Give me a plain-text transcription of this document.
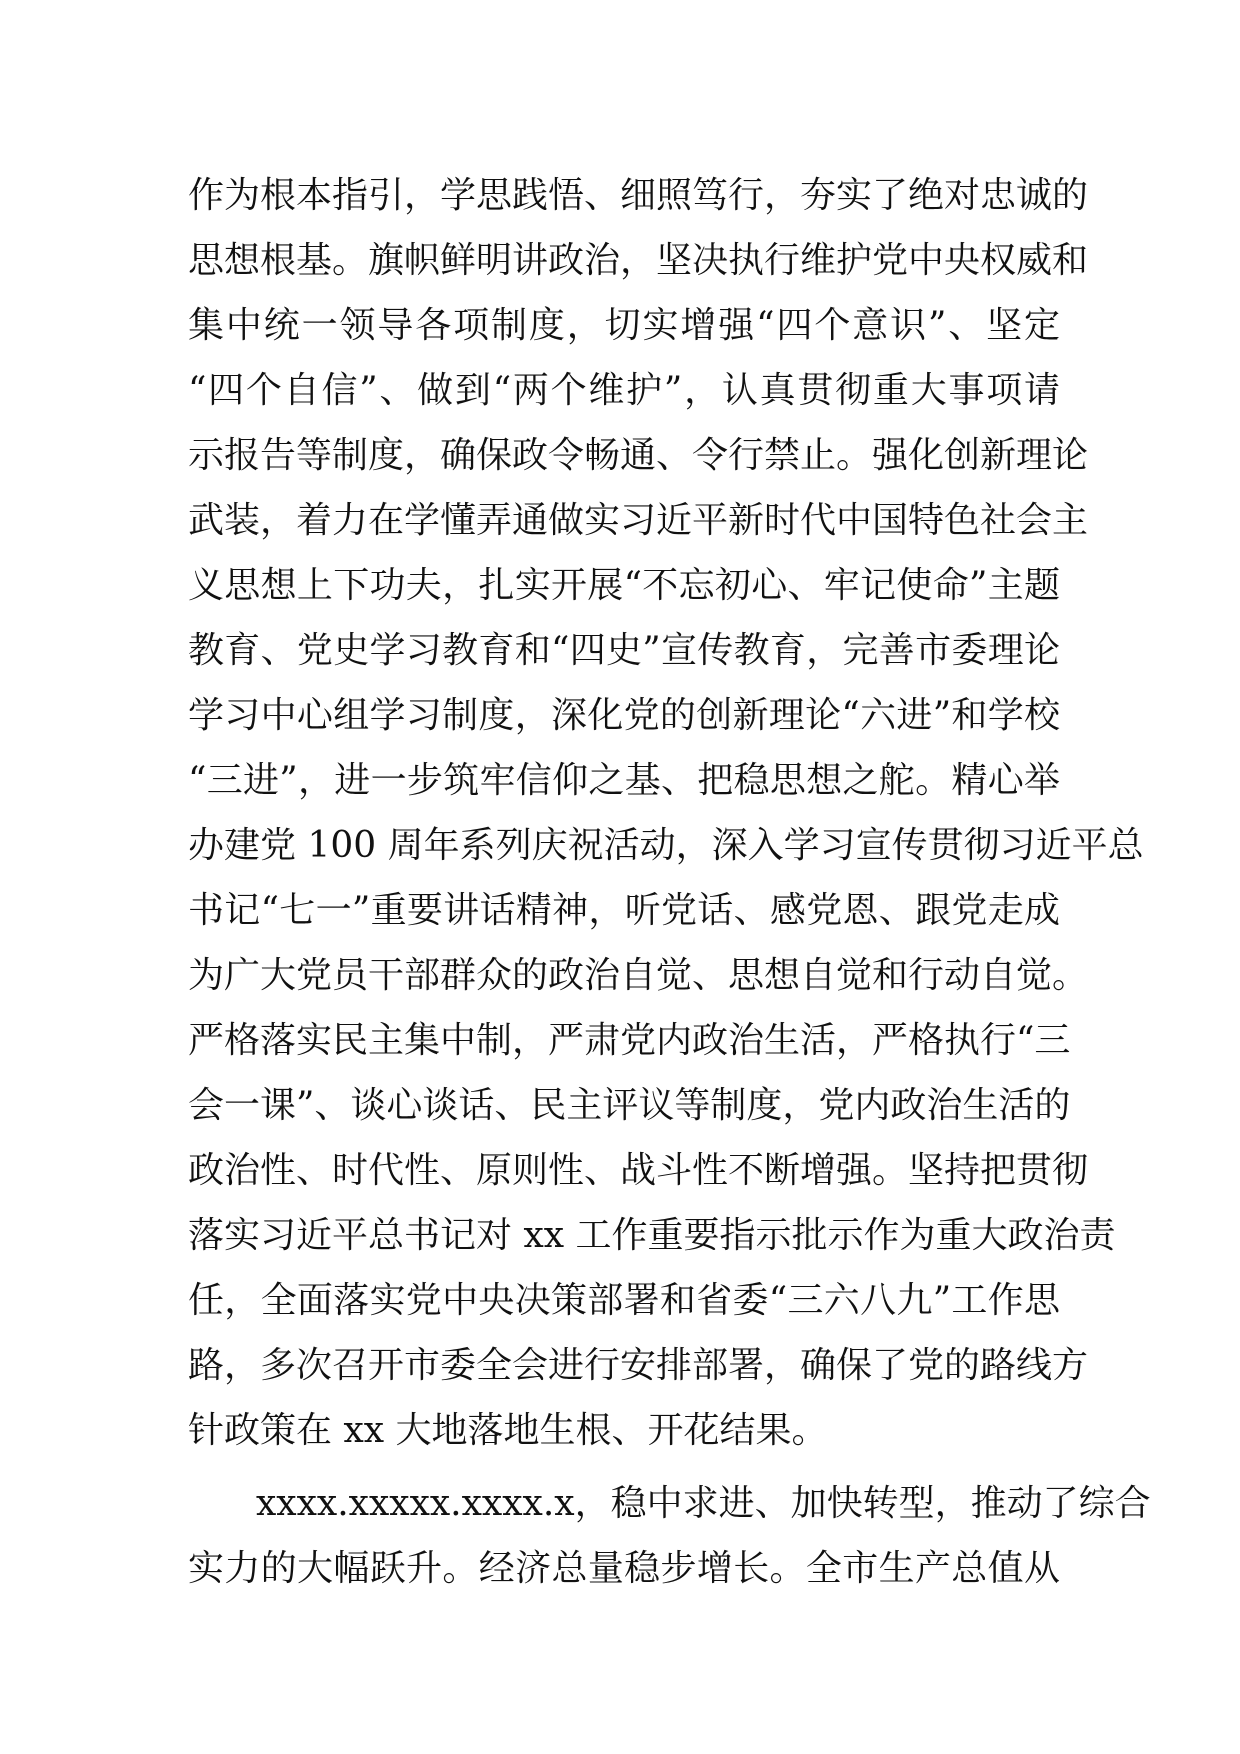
作为根本指引，学思践悟、细照笃行，夯实了绝对忠诚的
思想根基。旗帜鲜明讲政治，坚决执行维护党中央权威和
集中统一领导各项制度，切实增强“四个意识”、坚定
“四个自信”、做到“两个维护”，认真贯彻重大事项请
示报告等制度，确保政令畅通、令行禁止。强化创新理论
武装，着力在学懂弄通做实习近平新时代中国特色社会主
义思想上下功夫，扎实开展“不忘初心、牢记使命”主题
教育、党史学习教育和“四史”宣传教育，完善市委理论
学习中心组学习制度，深化党的创新理论“六进”和学校
“三进”，进一步筑牢信仰之基、把稳思想之舵。精心举
办建党 100 周年系列庆祝活动，深入学习宣传贯彻习近平总
书记“七一”重要讲话精神，听党话、感党恩、跟党走成
为广大党员干部群众的政治自觉、思想自觉和行动自觉。
严格落实民主集中制，严肃党内政治生活，严格执行“三
会一课”、谈心谈话、民主评议等制度，党内政治生活的
政治性、时代性、原则性、战斗性不断增强。坚持把贯彻
落实习近平总书记对 xx 工作重要指示批示作为重大政治责
任，全面落实党中央决策部署和省委“三六八九”工作思
路，多次召开市委全会进行安排部署，确保了党的路线方
针政策在 xx 大地落地生根、开花结果。
xxxx.xxxxx.xxxx.x，稳中求进、加快转型，推动了综合
实力的大幅跃升。经济总量稳步增长。全市生产总值从
